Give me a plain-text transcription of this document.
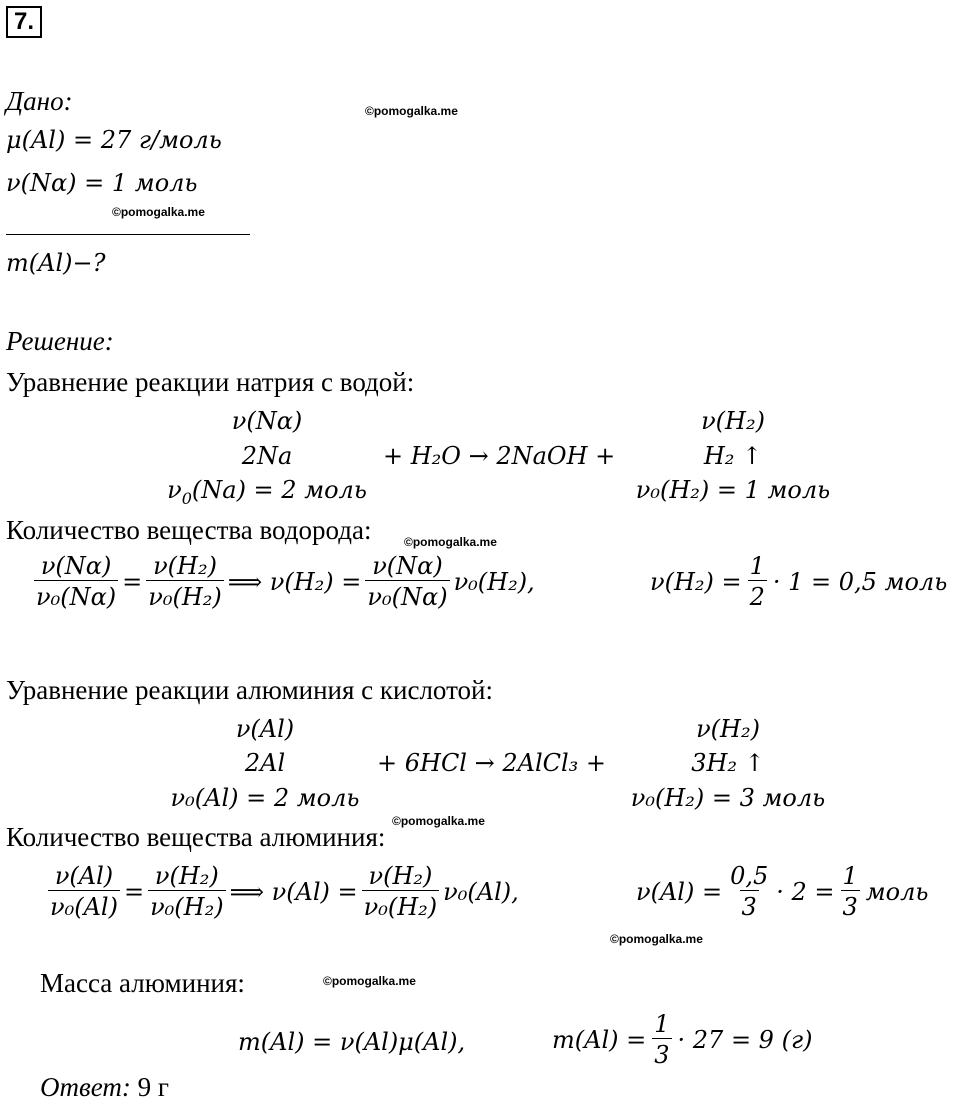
7.
Дано:	©pomogalka.me
μ(Al) = 27 г/моль
ν(Nα) = 1 моль
©pomogalka.me
m(Al)−?
Решение:
Уравнение реакции натрия с водой:
ν(Nα)
2Na
$\nu_0(Na) = 2$ моль
+ H₂O → 2NaOH +
ν(H₂)
H₂ ↑
ν₀(H₂) = 1 моль
Количество вещества водорода:	©pomogalka.me
$\frac{\nu(N\alpha)}{\text{ν₀(Nα)}} = \frac{\text{ν(H₂)}}{\text{ν₀(H₂)}}$ ⟹ $\nu(H_2) = \frac{\nu(N\alpha)}{\text{ν₀(Nα)}} \nu_0(H_2)$,	$\nu(H_2) = \frac{1}{2} \cdot 1 = 0,5$ моль
Уравнение реакции алюминия с кислотой:
ν(Al)
2Al
ν₀(Al) = 2 моль
+ 6HCl → 2AlCl₃ +
ν(H₂)
3H₂ ↑
ν₀(H₂) = 3 моль
©pomogalka.me
Количество вещества алюминия:
$\frac{\nu(Al)}{\text{ν₀(Al)}} = \frac{\text{ν(H₂)}}{\text{ν₀(H₂)}}$ ⟹ $\nu(Al) = \frac{\text{ν(H₂)}}{\text{ν₀(H₂)}} \nu_0(Al)$,	$\nu(Al) = \frac{0,5}{3} \cdot 2 = \frac{1}{3}$ моль
©pomogalka.me
Масса алюминия:	©pomogalka.me
m(Al) = ν(Al)μ(Al),	$m(Al) = \frac{1}{3} \cdot 27 = 9$ (г)
Ответ: 9 г
